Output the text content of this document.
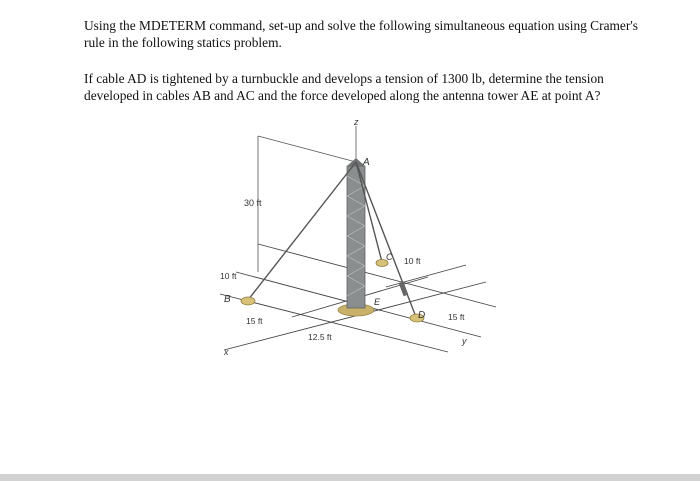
Using the MDETERM command, set-up and solve the following simultaneous equation using Cramer's rule in the following statics problem.

If cable AD is tightened by a turnbuckle and develops a tension of 1300 lb, determine the tension developed in cables AB and AC and the force developed along the antenna tower AE at point A?

A
B
C
D
E
z
x
y
30 ft
10 ft
15 ft
12.5 ft
10 ft
15 ft
